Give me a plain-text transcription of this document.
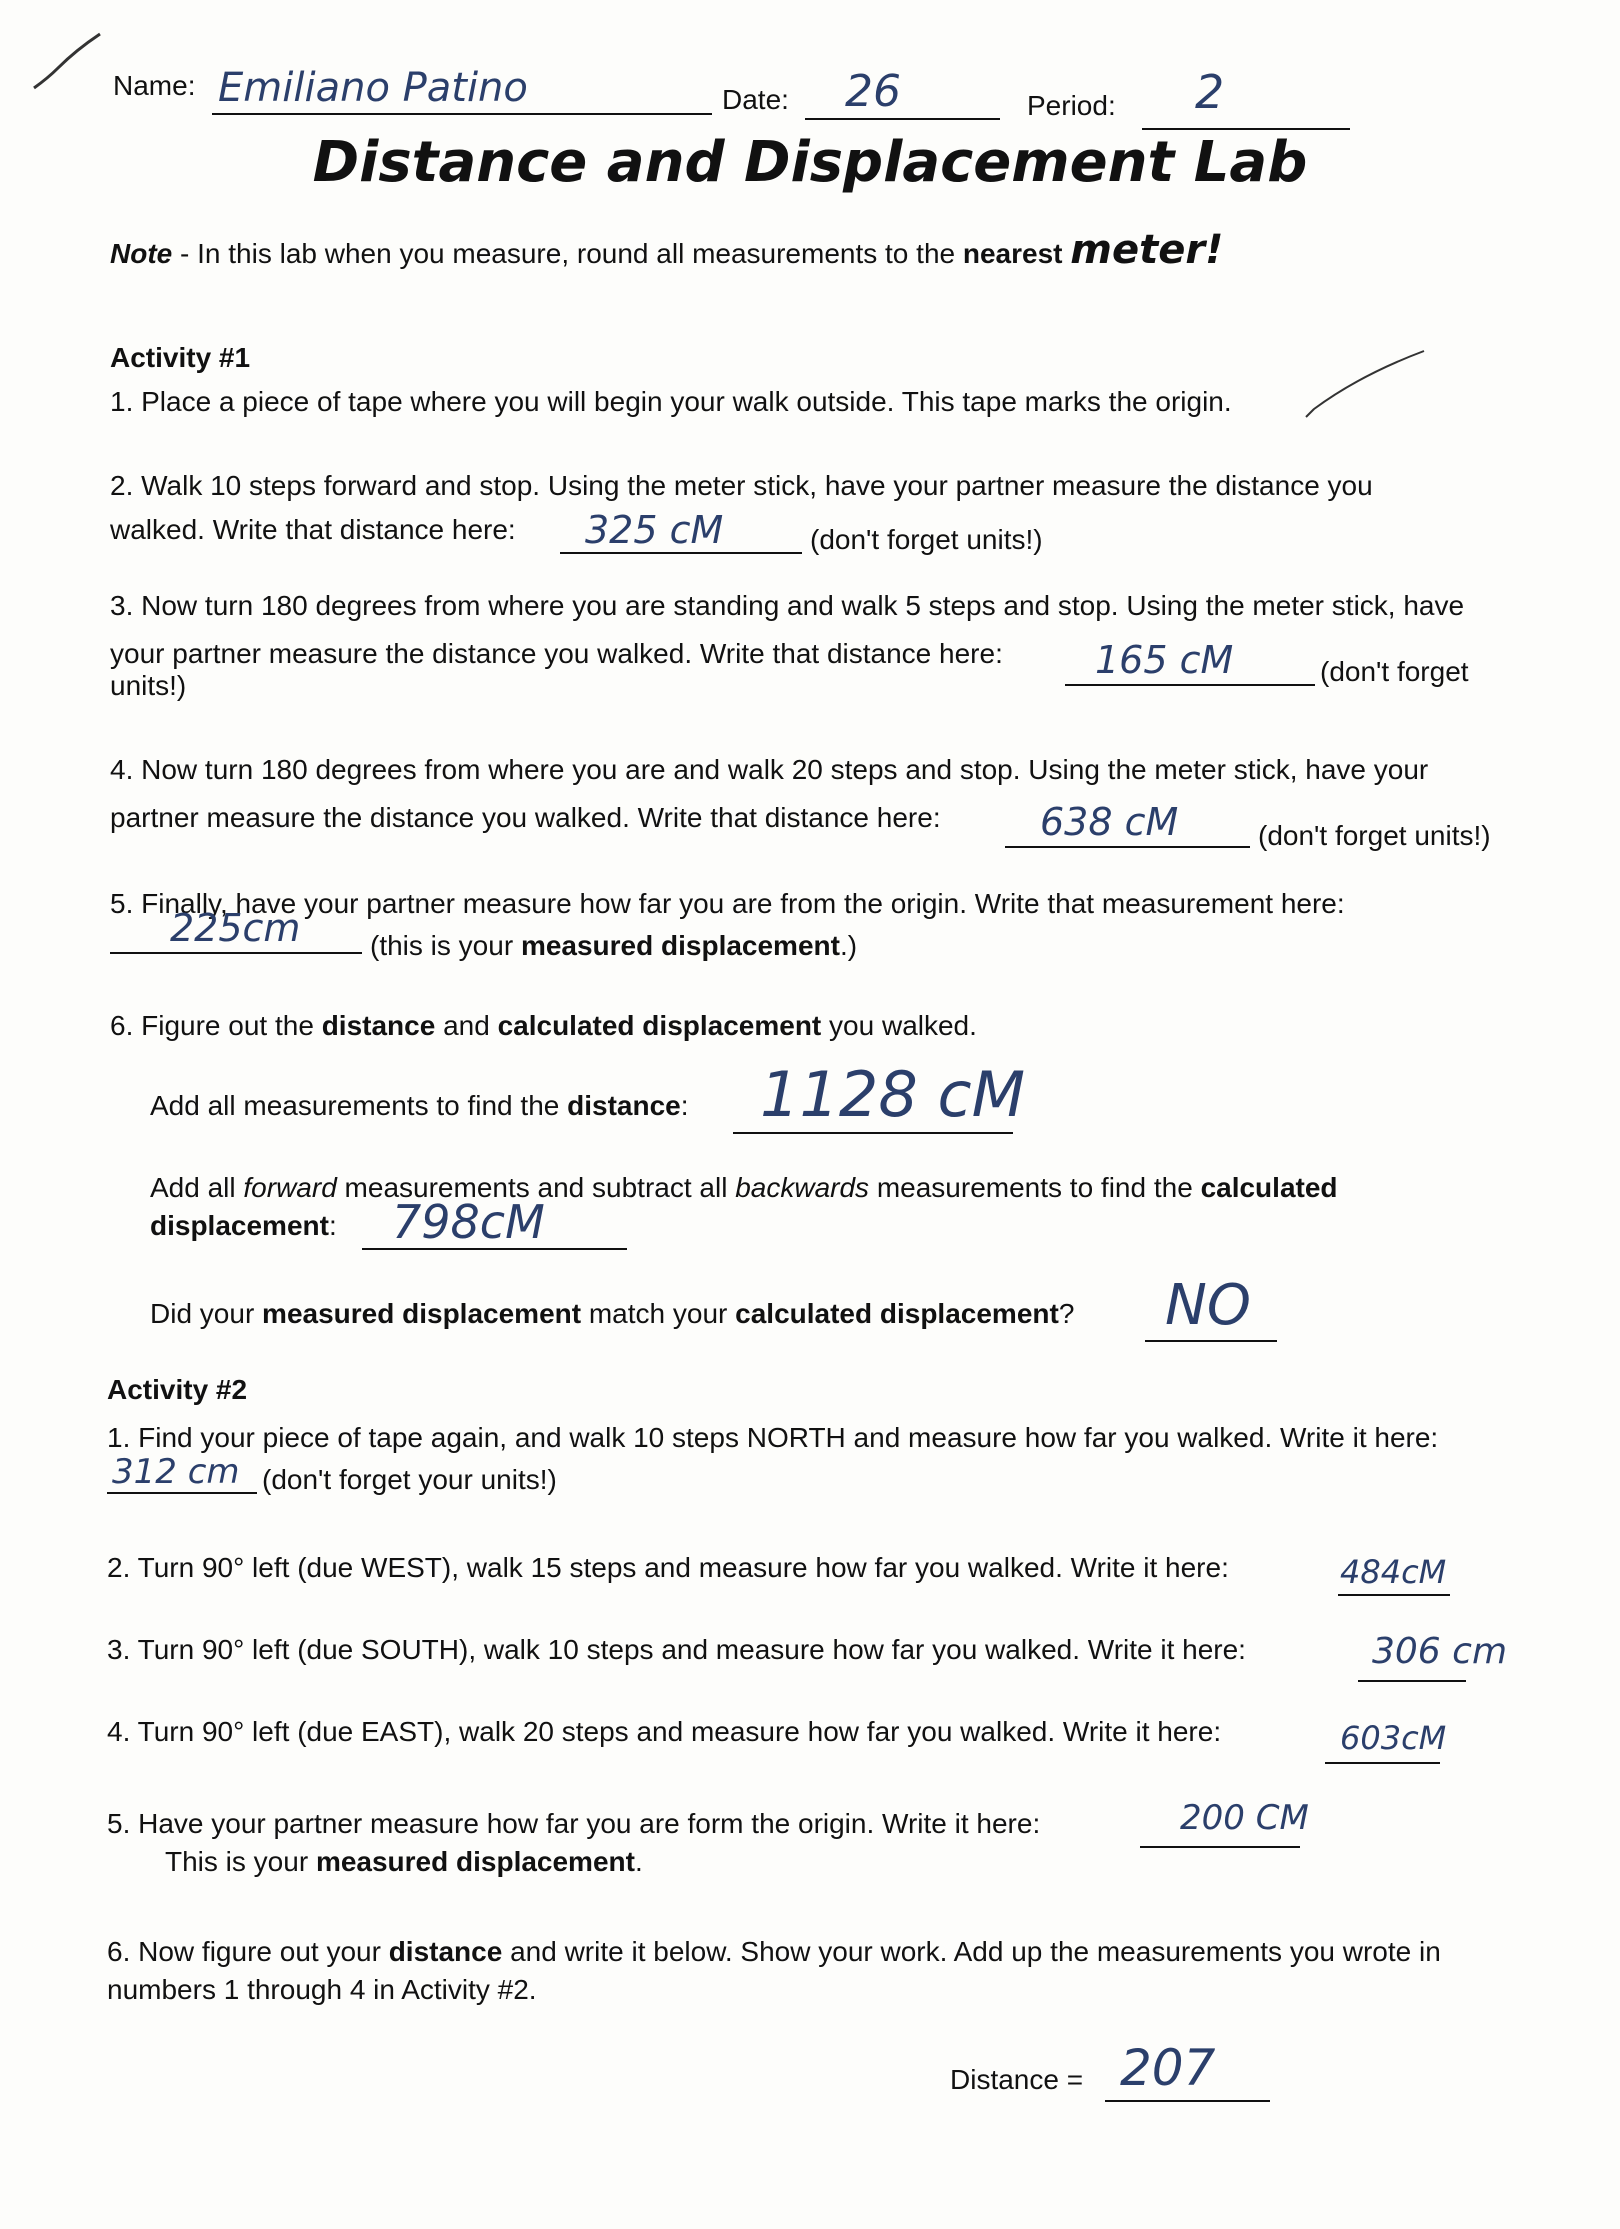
Name: Emiliano Patino	Date: 26	Period: 2
Distance and Displacement Lab
Note - In this lab when you measure, round all measurements to the nearest meter!
Activity #1
1. Place a piece of tape where you will begin your walk outside. This tape marks the origin.
2. Walk 10 steps forward and stop. Using the meter stick, have your partner measure the distance you
walked. Write that distance here: 325 cM	(don't forget units!)
3. Now turn 180 degrees from where you are standing and walk 5 steps and stop. Using the meter stick, have
your partner measure the distance you walked. Write that distance here: 165 cM	(don't forget
units!)
4. Now turn 180 degrees from where you are and walk 20 steps and stop. Using the meter stick, have your
partner measure the distance you walked. Write that distance here:	638 cM	(don't forget units!)
5. Finally, have your partner measure how far you are from the origin. Write that measurement here:
225cm (this is your measured displacement.)
6. Figure out the distance and calculated displacement you walked.
Add all measurements to find the distance: 1128 cM
Add all forward measurements and subtract all backwards measurements to find the calculated
displacement: 798cM
Did your measured displacement match your calculated displacement? NO
Activity #2
1. Find your piece of tape again, and walk 10 steps NORTH and measure how far you walked. Write it here:
312 cm (don't forget your units!)
2. Turn 90° left (due WEST), walk 15 steps and measure how far you walked. Write it here:	484cM
3. Turn 90° left (due SOUTH), walk 10 steps and measure how far you walked. Write it here:	306 cm
4. Turn 90° left (due EAST), walk 20 steps and measure how far you walked. Write it here:	603cM
5. Have your partner measure how far you are form the origin. Write it here:	200 CM
This is your measured displacement.
6. Now figure out your distance and write it below. Show your work. Add up the measurements you wrote in
numbers 1 through 4 in Activity #2.
Distance = 207
